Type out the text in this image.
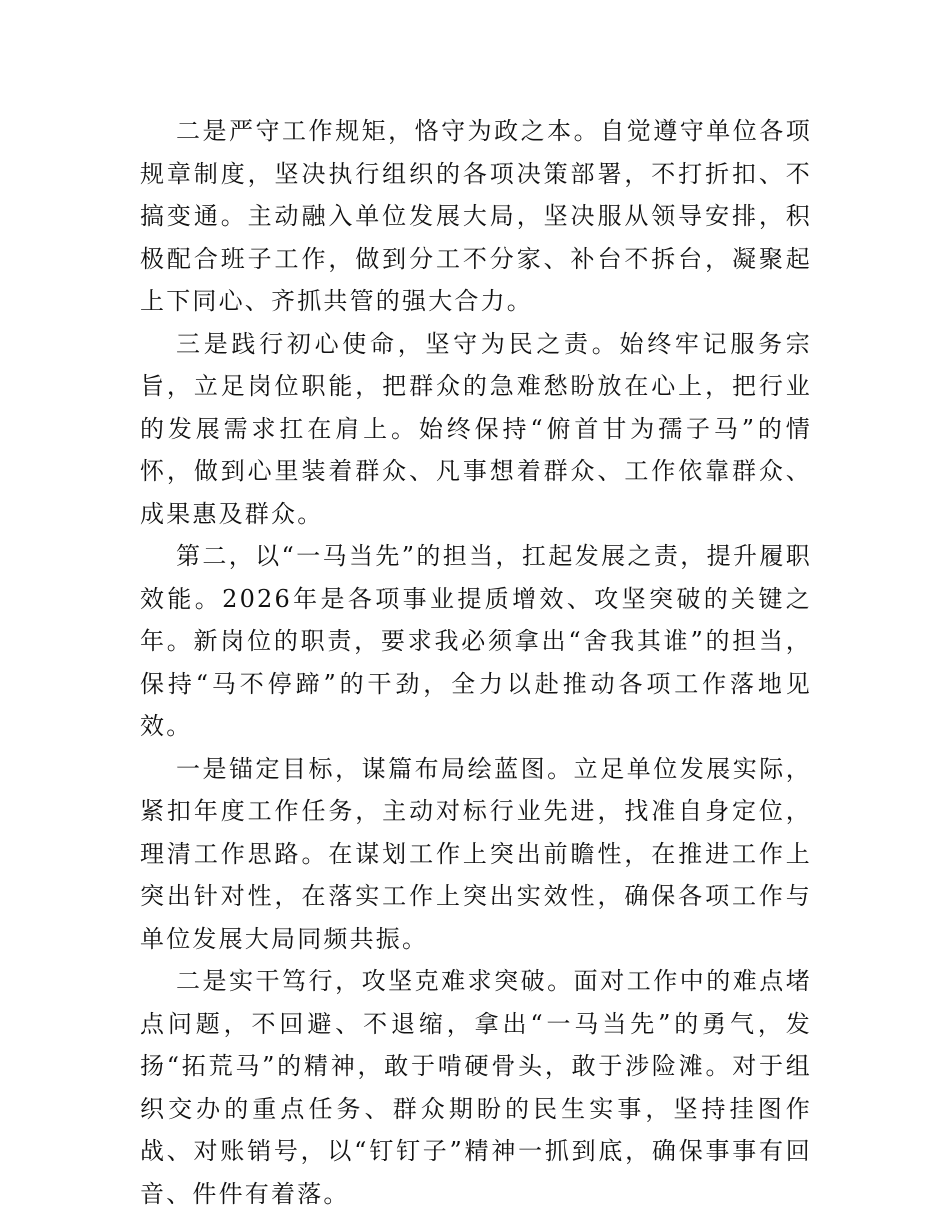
二是严守工作规矩，恪守为政之本。自觉遵守单位各项规章制度，坚决执行组织的各项决策部署，不打折扣、不搞变通。主动融入单位发展大局，坚决服从领导安排，积极配合班子工作，做到分工不分家、补台不拆台，凝聚起上下同心、齐抓共管的强大合力。

三是践行初心使命，坚守为民之责。始终牢记服务宗旨，立足岗位职能，把群众的急难愁盼放在心上，把行业的发展需求扛在肩上。始终保持“俯首甘为孺子马”的情怀，做到心里装着群众、凡事想着群众、工作依靠群众、成果惠及群众。

第二，以“一马当先”的担当，扛起发展之责，提升履职效能。2026年是各项事业提质增效、攻坚突破的关键之年。新岗位的职责，要求我必须拿出“舍我其谁”的担当，保持“马不停蹄”的干劲，全力以赴推动各项工作落地见效。

一是锚定目标，谋篇布局绘蓝图。立足单位发展实际，紧扣年度工作任务，主动对标行业先进，找准自身定位，理清工作思路。在谋划工作上突出前瞻性，在推进工作上突出针对性，在落实工作上突出实效性，确保各项工作与单位发展大局同频共振。

二是实干笃行，攻坚克难求突破。面对工作中的难点堵点问题，不回避、不退缩，拿出“一马当先”的勇气，发扬“拓荒马”的精神，敢于啃硬骨头，敢于涉险滩。对于组织交办的重点任务、群众期盼的民生实事，坚持挂图作战、对账销号，以“钉钉子”精神一抓到底，确保事事有回音、件件有着落。
